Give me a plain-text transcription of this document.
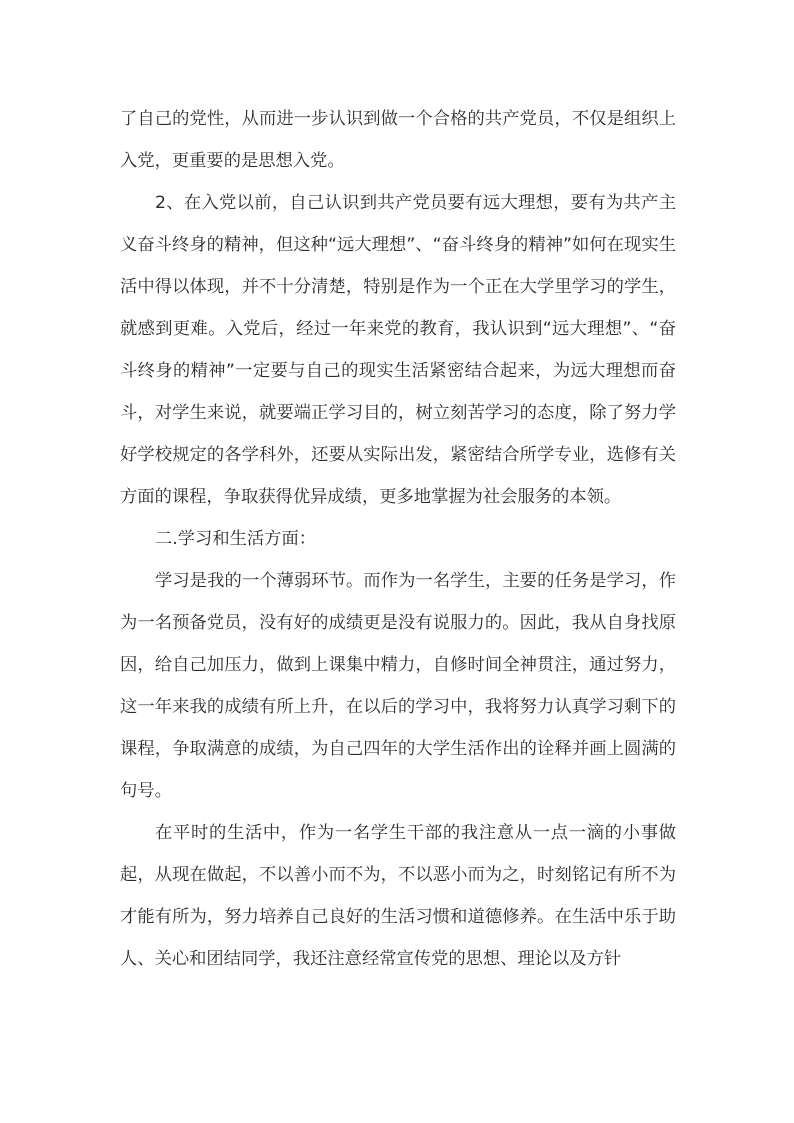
了自己的党性，从而进一步认识到做一个合格的共产党员，不仅是组织上入党，更重要的是思想入党。

2、在入党以前，自己认识到共产党员要有远大理想，要有为共产主义奋斗终身的精神，但这种“远大理想”、“奋斗终身的精神”如何在现实生活中得以体现，并不十分清楚，特别是作为一个正在大学里学习的学生，就感到更难。入党后，经过一年来党的教育，我认识到“远大理想”、“奋斗终身的精神”一定要与自己的现实生活紧密结合起来，为远大理想而奋斗，对学生来说，就要端正学习目的，树立刻苦学习的态度，除了努力学好学校规定的各学科外，还要从实际出发，紧密结合所学专业，选修有关方面的课程，争取获得优异成绩，更多地掌握为社会服务的本领。

二.学习和生活方面：

学习是我的一个薄弱环节。而作为一名学生，主要的任务是学习，作为一名预备党员，没有好的成绩更是没有说服力的。因此，我从自身找原因，给自己加压力，做到上课集中精力，自修时间全神贯注，通过努力，这一年来我的成绩有所上升，在以后的学习中，我将努力认真学习剩下的课程，争取满意的成绩，为自己四年的大学生活作出的诠释并画上圆满的句号。

在平时的生活中，作为一名学生干部的我注意从一点一滴的小事做起，从现在做起，不以善小而不为，不以恶小而为之，时刻铭记有所不为才能有所为，努力培养自己良好的生活习惯和道德修养。在生活中乐于助人、关心和团结同学，我还注意经常宣传党的思想、理论以及方针
